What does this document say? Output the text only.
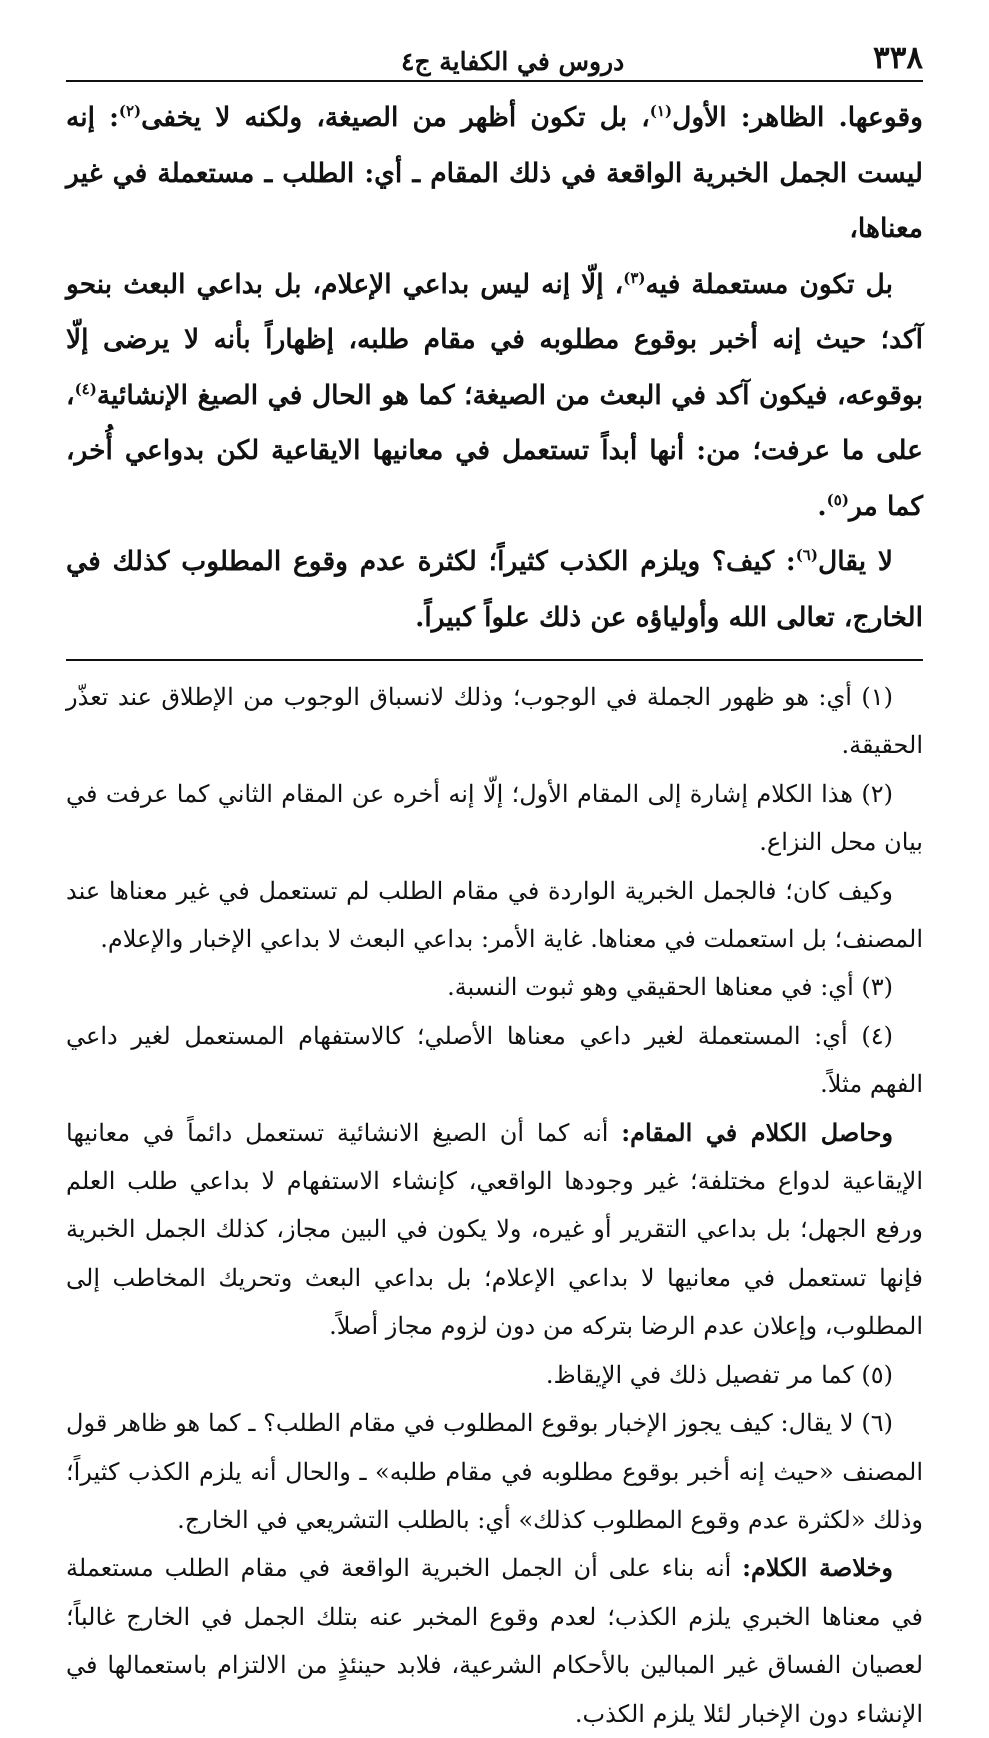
٣٣٨
دروس في الكفاية ج٤

وقوعها. الظاهر: الأول$^{(١)}$، بل تكون أظهر من الصيغة، ولكنه لا يخفى$^{(٢)}$: إنه ليست الجمل الخبرية الواقعة في ذلك المقام ـ أي: الطلب ـ مستعملة في غير معناها،

بل تكون مستعملة فيه$^{(٣)}$، إلّا إنه ليس بداعي الإعلام، بل بداعي البعث بنحو آكد؛ حيث إنه أخبر بوقوع مطلوبه في مقام طلبه، إظهاراً بأنه لا يرضى إلّا بوقوعه، فيكون آكد في البعث من الصيغة؛ كما هو الحال في الصيغ الإنشائية$^{(٤)}$، على ما عرفت؛ من: أنها أبداً تستعمل في معانيها الايقاعية لكن بدواعي أُخر، كما مر$^{(٥)}$.

لا يقال$^{(٦)}$: كيف؟ ويلزم الكذب كثيراً؛ لكثرة عدم وقوع المطلوب كذلك في الخارج، تعالى الله وأولياؤه عن ذلك علواً كبيراً.

(١) أي: هو ظهور الجملة في الوجوب؛ وذلك لانسباق الوجوب من الإطلاق عند تعذّر الحقيقة.

(٢) هذا الكلام إشارة إلى المقام الأول؛ إلّا إنه أخره عن المقام الثاني كما عرفت في بيان محل النزاع.

وكيف كان؛ فالجمل الخبرية الواردة في مقام الطلب لم تستعمل في غير معناها عند المصنف؛ بل استعملت في معناها. غاية الأمر: بداعي البعث لا بداعي الإخبار والإعلام.

(٣) أي: في معناها الحقيقي وهو ثبوت النسبة.

(٤) أي: المستعملة لغير داعي معناها الأصلي؛ كالاستفهام المستعمل لغير داعي الفهم مثلاً.

وحاصل الكلام في المقام: أنه كما أن الصيغ الانشائية تستعمل دائماً في معانيها الإيقاعية لدواع مختلفة؛ غير وجودها الواقعي، كإنشاء الاستفهام لا بداعي طلب العلم ورفع الجهل؛ بل بداعي التقرير أو غيره، ولا يكون في البين مجاز، كذلك الجمل الخبرية فإنها تستعمل في معانيها لا بداعي الإعلام؛ بل بداعي البعث وتحريك المخاطب إلى المطلوب، وإعلان عدم الرضا بتركه من دون لزوم مجاز أصلاً.

(٥) كما مر تفصيل ذلك في الإيقاظ.

(٦) لا يقال: كيف يجوز الإخبار بوقوع المطلوب في مقام الطلب؟ ـ كما هو ظاهر قول المصنف «حيث إنه أخبر بوقوع مطلوبه في مقام طلبه» ـ والحال أنه يلزم الكذب كثيراً؛ وذلك «لكثرة عدم وقوع المطلوب كذلك» أي: بالطلب التشريعي في الخارج.

وخلاصة الكلام: أنه بناء على أن الجمل الخبرية الواقعة في مقام الطلب مستعملة في معناها الخبري يلزم الكذب؛ لعدم وقوع المخبر عنه بتلك الجمل في الخارج غالباً؛ لعصيان الفساق غير المبالين بالأحكام الشرعية، فلابد حينئذٍ من الالتزام باستعمالها في الإنشاء دون الإخبار لئلا يلزم الكذب.
